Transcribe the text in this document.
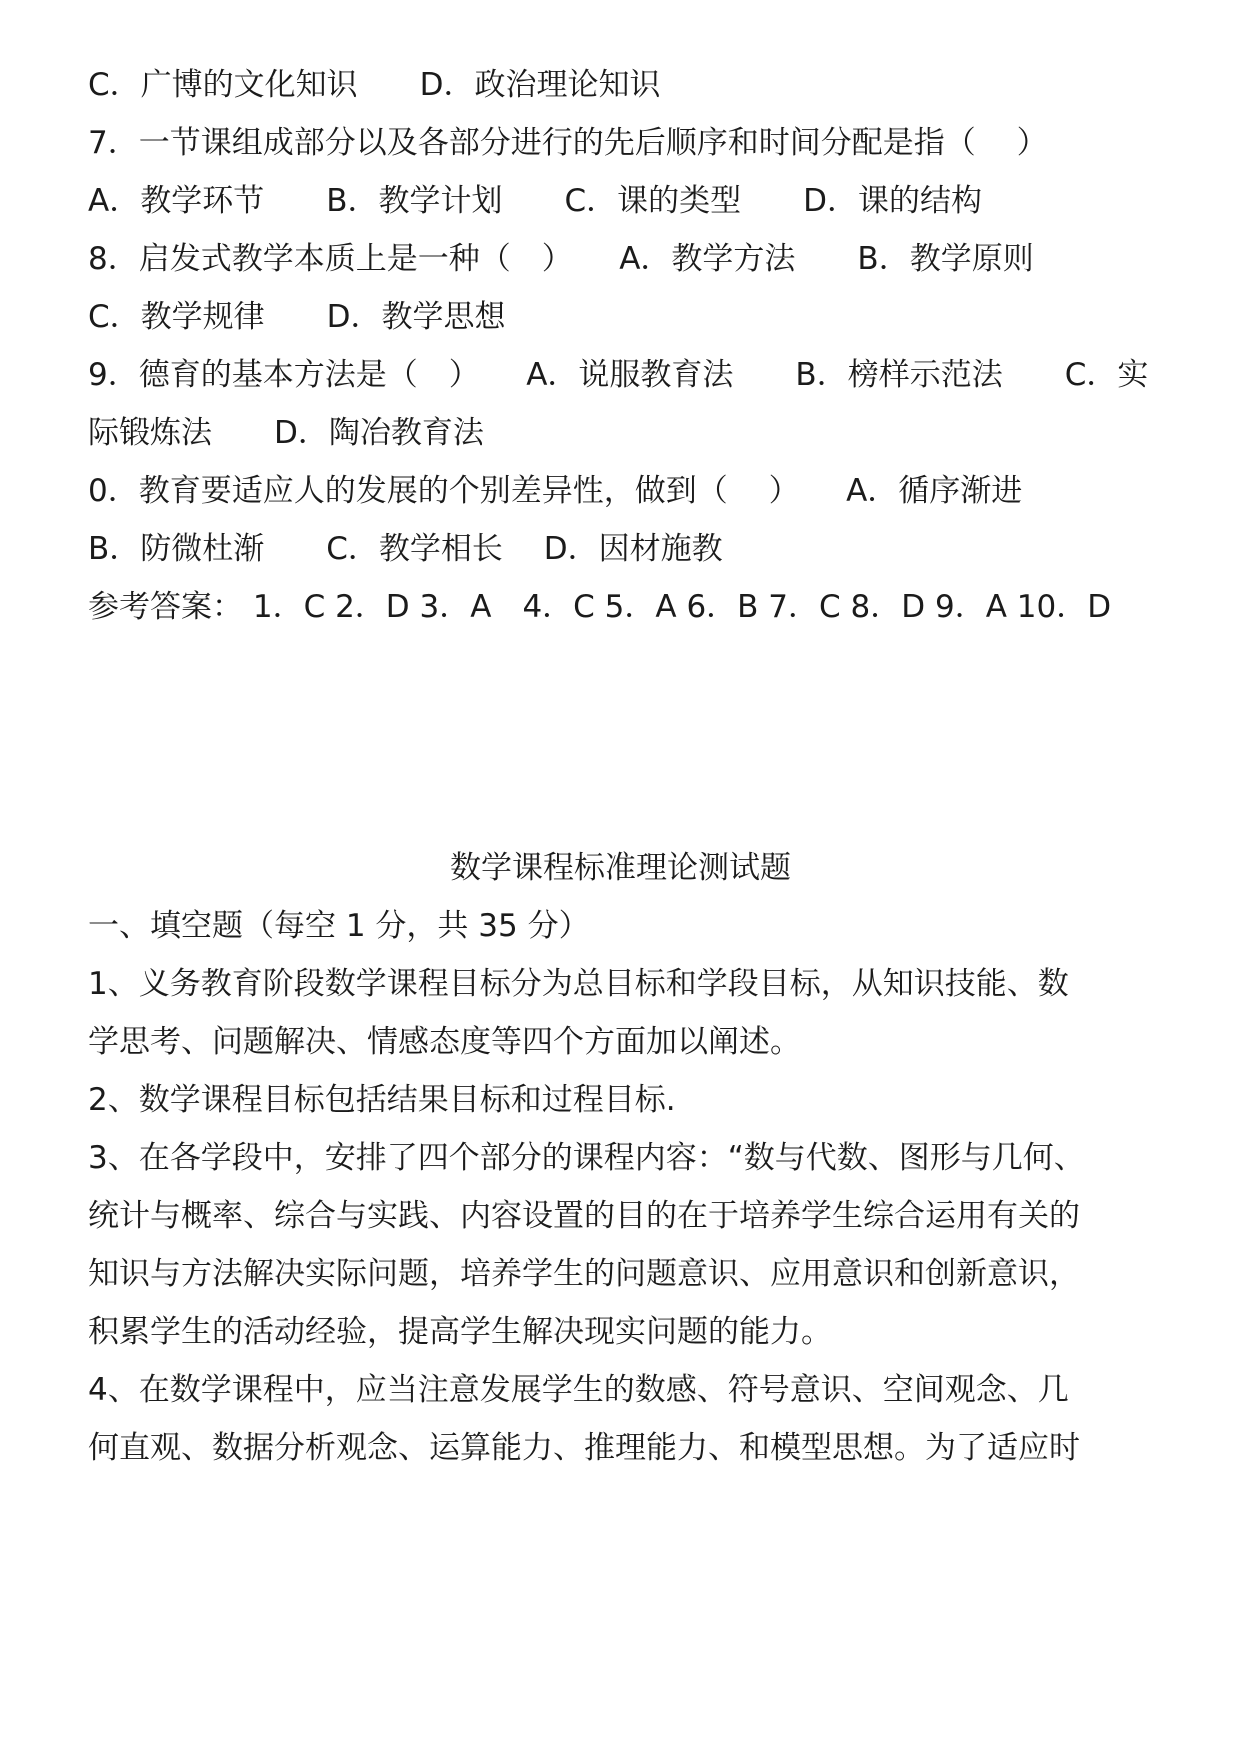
C．广博的文化知识　　D．政治理论知识
7．一节课组成部分以及各部分进行的先后顺序和时间分配是指（　 ）
A．教学环节　　B．教学计划　　C．课的类型　　D．课的结构
8．启发式教学本质上是一种（　）　　A．教学方法　　B．教学原则
C．教学规律　　D．教学思想
9．德育的基本方法是（　）　　A．说服教育法　　B．榜样示范法　　C．实
际锻炼法　　D．陶冶教育法
0．教育要适应人的发展的个别差异性，做到（　 ）　　A．循序渐进
B．防微杜渐　　C．教学相长　 D．因材施教
参考答案： 1．C 2．D 3．A　4．C 5．A 6．B 7．C 8．D 9．A 10．D
数学课程标准理论测试题
一、填空题（每空 1 分，共 35 分）
1、义务教育阶段数学课程目标分为总目标和学段目标，从知识技能、数
学思考、问题解决、情感态度等四个方面加以阐述。
2、数学课程目标包括结果目标和过程目标.
3、在各学段中，安排了四个部分的课程内容：“数与代数、图形与几何、
统计与概率、综合与实践、内容设置的目的在于培养学生综合运用有关的
知识与方法解决实际问题，培养学生的问题意识、应用意识和创新意识，
积累学生的活动经验，提高学生解决现实问题的能力。
4、在数学课程中，应当注意发展学生的数感、符号意识、空间观念、几
何直观、数据分析观念、运算能力、推理能力、和模型思想。为了适应时
